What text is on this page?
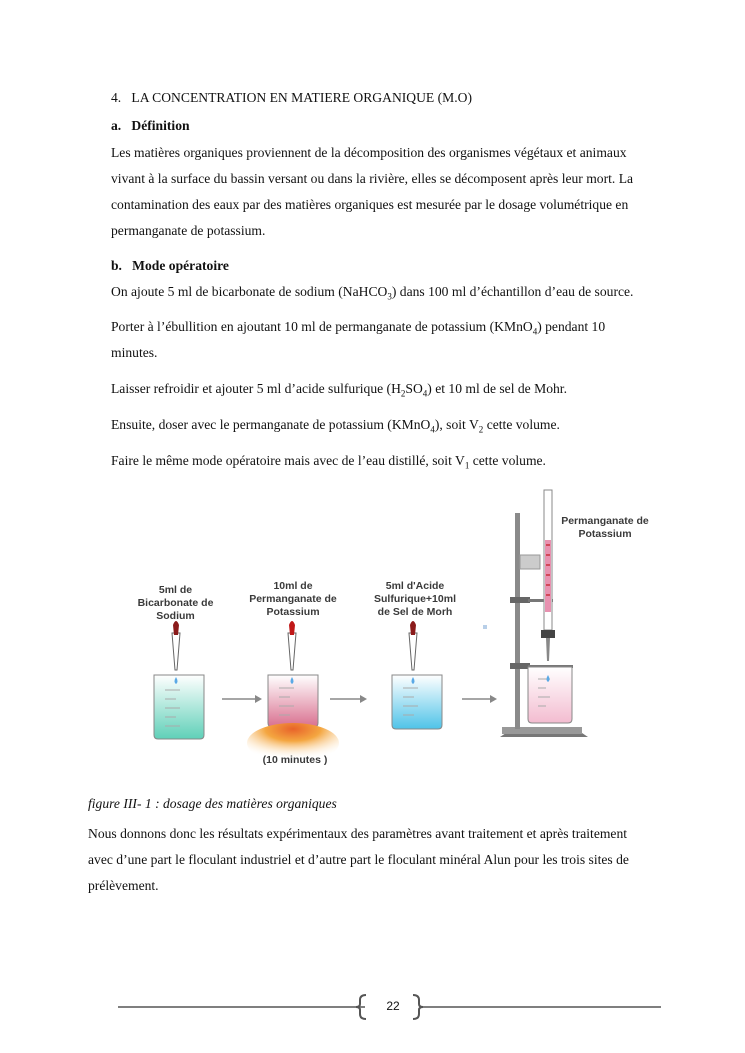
4. LA CONCENTRATION EN MATIERE ORGANIQUE (M.O)
a. Définition
Les matières organiques proviennent de la décomposition des organismes végétaux et animaux
vivant à la surface du bassin versant ou dans la rivière, elles se décomposent après leur mort. La
contamination des eaux par des matières organiques est mesurée par le dosage volumétrique en
permanganate de potassium.
b. Mode opératoire
On ajoute 5 ml de bicarbonate de sodium (NaHCO$_3$) dans 100 ml d’échantillon d’eau de source.
Porter à l’ébullition en ajoutant 10 ml de permanganate de potassium (KMnO$_4$) pendant 10
minutes.
Laisser refroidir et ajouter 5 ml d’acide sulfurique $(H_2SO_4)$ et 10 ml de sel de Mohr.
Ensuite, doser avec le permanganate de potassium (KMnO$_4$), soit $V_2$ cette volume.
Faire le même mode opératoire mais avec de l’eau distillé, soit $V_1$ cette volume.
Permanganate de
Potassium
5ml de
Bicarbonate de
Sodium
10ml de
Permanganate de
Potassium
5ml d'Acide
Sulfurique+10ml
de Sel de Morh
(10 minutes )
figure III- 1 : dosage des matières organiques
Nous donnons donc les résultats expérimentaux des paramètres avant traitement et après traitement
avec d’une part le floculant industriel et d’autre part le floculant minéral Alun pour les trois sites de
prélèvement.
22
